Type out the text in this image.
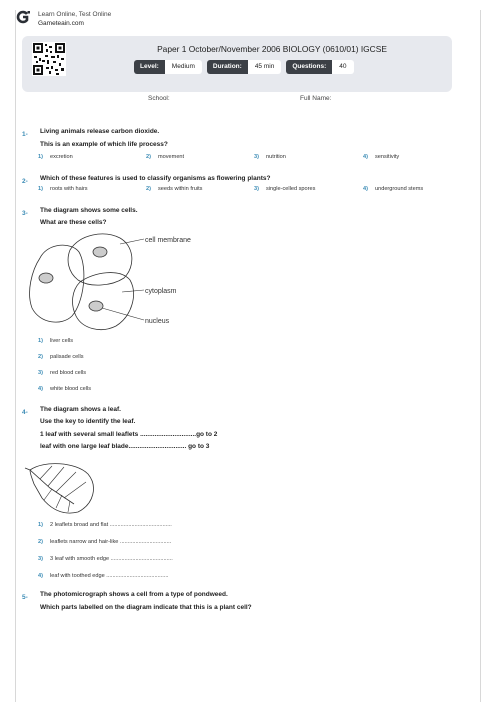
Learn Online, Test Online
Gameteain.com
Paper 1 October/November 2006 BIOLOGY (0610/01) IGCSE
Level:	Medium	Duration:	45 min	Questions:	40
School:	Full Name:
1- Living animals release carbon dioxide.
This is an example of which life process?
1) excretion	2) movement	3) nutrition	4) sensitivity
2- Which of these features is used to classify organisms as flowering plants?
1) roots with hairs	2) seeds within fruits	3) single-celled spores	4) underground stems
3- The diagram shows some cells.
What are these cells?
cell membrane
cytoplasm
nucleus
1) liver cells
2) palisade cells
3) red blood cells
4) white blood cells
4- The diagram shows a leaf.
Use the key to identify the leaf.
1 leaf with several small leaflets ...............................go to 2
leaf with one large leaf blade................................ go to 3
1) 2 leaflets broad and flat ........................................
2) leaflets narrow and hair-like .................................
3) 3 leaf with smooth edge ........................................
4) leaf with toothed edge ........................................
5- The photomicrograph shows a cell from a type of pondweed.
Which parts labelled on the diagram indicate that this is a plant cell?
